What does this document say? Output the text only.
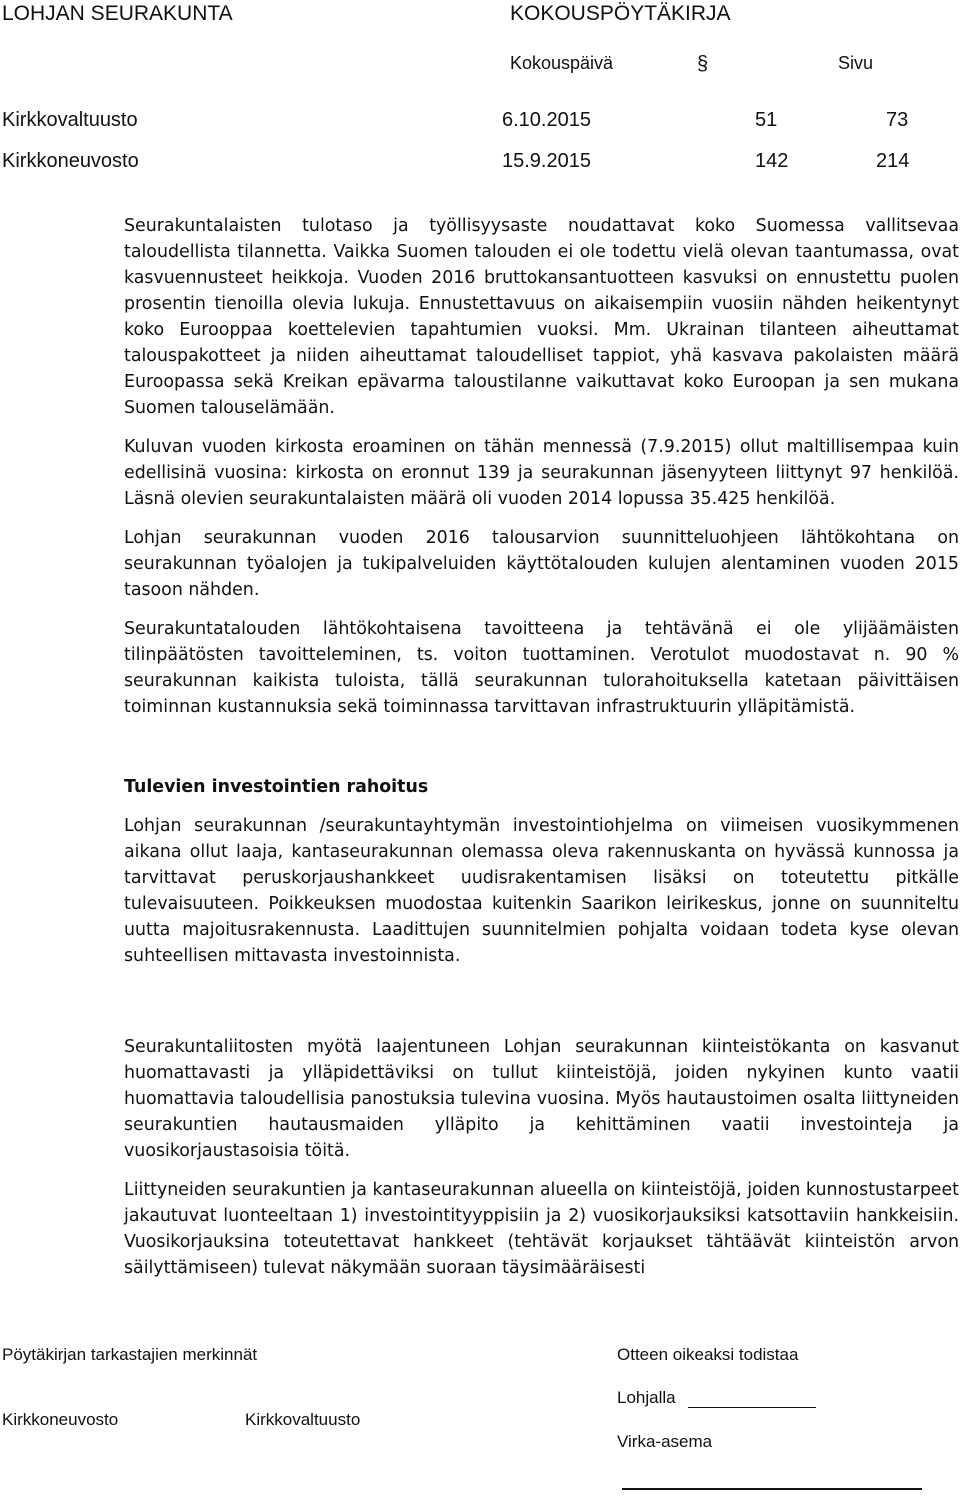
LOHJAN SEURAKUNTA	KOKOUSPÖYTÄKIRJA
Kokouspäivä	§	Sivu
Kirkkovaltuusto	6.10.2015	51	73
Kirkkoneuvosto	15.9.2015	142	214

Seurakuntalaisten tulotaso ja työllisyysaste noudattavat koko Suomessa vallitsevaa taloudellista tilannetta. Vaikka Suomen talouden ei ole todettu vielä olevan taantumassa, ovat kasvuennusteet heikkoja. Vuoden 2016 bruttokansantuotteen kasvuksi on ennustettu puolen prosentin tienoilla olevia lukuja. Ennustettavuus on aikaisempiin vuosiin nähden heikentynyt koko Eurooppaa koettelevien tapahtumien vuoksi. Mm. Ukrainan tilanteen aiheuttamat talouspakotteet ja niiden aiheuttamat taloudelliset tappiot, yhä kasvava pakolaisten määrä Euroopassa sekä Kreikan epävarma taloustilanne vaikuttavat koko Euroopan ja sen mukana Suomen talouselämään.

Kuluvan vuoden kirkosta eroaminen on tähän mennessä (7.9.2015) ollut maltillisempaa kuin edellisinä vuosina: kirkosta on eronnut 139 ja seurakunnan jäsenyyteen liittynyt 97 henkilöä. Läsnä olevien seurakuntalaisten määrä oli vuoden 2014 lopussa 35.425 henkilöä.

Lohjan seurakunnan vuoden 2016 talousarvion suunnitteluohjeen lähtökohtana on seurakunnan työalojen ja tukipalveluiden käyttötalouden kulujen alentaminen vuoden 2015 tasoon nähden.

Seurakuntatalouden lähtökohtaisena tavoitteena ja tehtävänä ei ole ylijäämäisten tilinpäätösten tavoitteleminen, ts. voiton tuottaminen. Verotulot muodostavat n. 90 % seurakunnan kaikista tuloista, tällä seurakunnan tulorahoituksella katetaan päivittäisen toiminnan kustannuksia sekä toiminnassa tarvittavan infrastruktuurin ylläpitämistä.

Tulevien investointien rahoitus

Lohjan seurakunnan /seurakuntayhtymän investointiohjelma on viimeisen vuosikymmenen aikana ollut laaja, kantaseurakunnan olemassa oleva rakennuskanta on hyvässä kunnossa ja tarvittavat peruskorjaushankkeet uudisrakentamisen lisäksi on toteutettu pitkälle tulevaisuuteen. Poikkeuksen muodostaa kuitenkin Saarikon leirikeskus, jonne on suunniteltu uutta majoitusrakennusta. Laadittujen suunnitelmien pohjalta voidaan todeta kyse olevan suhteellisen mittavasta investoinnista.

Seurakuntaliitosten myötä laajentuneen Lohjan seurakunnan kiinteistökanta on kasvanut huomattavasti ja ylläpidettäviksi on tullut kiinteistöjä, joiden nykyinen kunto vaatii huomattavia taloudellisia panostuksia tulevina vuosina. Myös hautaustoimen osalta liittyneiden seurakuntien hautausmaiden ylläpito ja kehittäminen vaatii investointeja ja vuosikorjaustasoisia töitä.

Liittyneiden seurakuntien ja kantaseurakunnan alueella on kiinteistöjä, joiden kunnostustarpeet jakautuvat luonteeltaan 1) investointityyppisiin ja 2) vuosikorjauksiksi katsottaviin hankkeisiin. Vuosikorjauksina toteutettavat hankkeet (tehtävät korjaukset tähtäävät kiinteistön arvon säilyttämiseen) tulevat näkymään suoraan täysimääräisesti

Pöytäkirjan tarkastajien merkinnät
Kirkkoneuvosto	Kirkkovaltuusto
Otteen oikeaksi todistaa
Lohjalla
Virka-asema
